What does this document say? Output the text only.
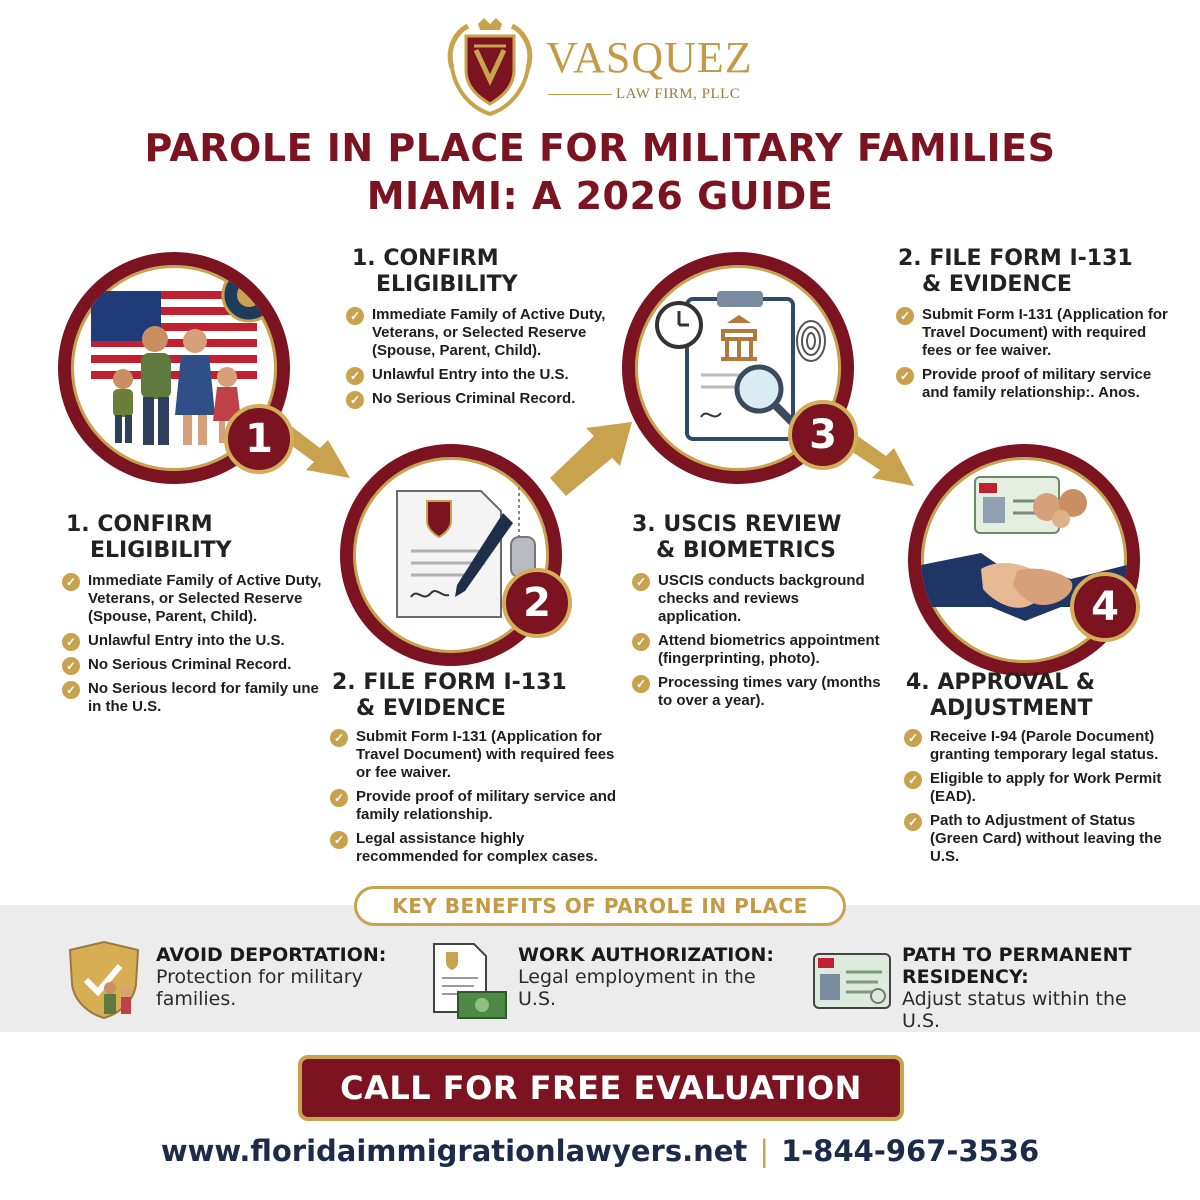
VASQUEZ
LAW FIRM, PLLC
PAROLE IN PLACE FOR MILITARY FAMILIES
MIAMI: A 2026 GUIDE
1
2
3
4
1. CONFIRM
ELIGIBILITY
✓ Immediate Family of Active Duty, Veterans, or Selected Reserve (Spouse, Parent, Child).
✓ Unlawful Entry into the U.S.
✓ No Serious Criminal Record.
2. FILE FORM I-131
& EVIDENCE
✓ Submit Form I-131 (Application for Travel Document) with required fees or fee waiver.
✓ Provide proof of military service and family relationship:. Anos.
1. CONFIRM
ELIGIBILITY
✓ Immediate Family of Active Duty, Veterans, or Selected Reserve (Spouse, Parent, Child).
✓ Unlawful Entry into the U.S.
✓ No Serious Criminal Record.
✓ No Serious lecord for family une in the U.S.
2. FILE FORM I-131
& EVIDENCE
✓ Submit Form I-131 (Application for Travel Document) with required fees or fee waiver.
✓ Provide proof of military service and family relationship.
✓ Legal assistance highly recommended for complex cases.
3. USCIS REVIEW
& BIOMETRICS
✓ USCIS conducts background checks and reviews application.
✓ Attend biometrics appointment (fingerprinting, photo).
✓ Processing times vary (months to over a year).
4. APPROVAL &
ADJUSTMENT
✓ Receive I-94 (Parole Document) granting temporary legal status.
✓ Eligible to apply for Work Permit (EAD).
✓ Path to Adjustment of Status (Green Card) without leaving the U.S.
KEY BENEFITS OF PAROLE IN PLACE
AVOID DEPORTATION:
Protection for military families.
WORK AUTHORIZATION:
Legal employment in the U.S.
PATH TO PERMANENT RESIDENCY:
Adjust status within the U.S.
CALL FOR FREE EVALUATION
www.floridaimmigrationlawyers.net | 1-844-967-3536
